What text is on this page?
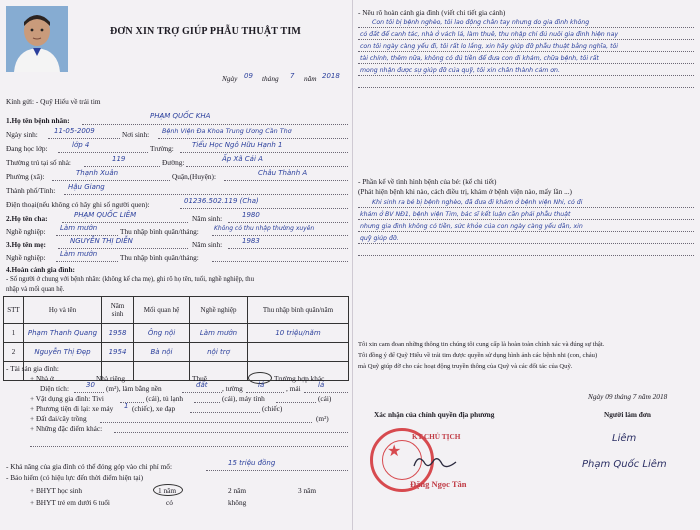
ĐƠN XIN TRỢ GIÚP PHẪU THUẬT TIM
Ngày 09 tháng 7 năm 2018
Kính gửi: - Quỹ Hiếu về trái tim
1.Họ tên bệnh nhân:	PHẠM QUỐC KHA
Ngày sinh: 11-05-2009	Nơi sinh: Bệnh Viện Đa Khoa Trung Ương Cần Thơ
Đang học lớp:	lớp 4	Trường:	Tiểu Học Ngô Hữu Hạnh 1
Thường trú tại số nhà:	119	Đường:	Ấp Xã Cái A
Phường (xã):	Thạnh Xuân	Quận,(Huyện):	Châu Thành A
Thành phố/Tỉnh: Hậu Giang
Điện thoại(nếu không có hãy ghi số người quen):	01236.502.119 (Cha)
2.Họ tên cha:	PHẠM QUỐC LIÊM	Năm sinh:	1980
Nghề nghiệp: Làm mướn	Thu nhập bình quân/tháng:	Không có thu nhập thường xuyên
3.Họ tên mẹ:	NGUYỄN THỊ DIỄN	Năm sinh:	1983
Nghề nghiệp: Làm mướn	Thu nhập bình quân/tháng:
4.Hoàn cảnh gia đình:
- Số người ở chung với bệnh nhân: (không kể cha mẹ), ghi rõ họ tên, tuổi, nghề nghiệp, thu
nhập và mối quan hệ.
STT	Họ và tên	Năm sinh	Mối quan hệ	Nghề nghiệp	Thu nhập bình quân/năm
1	Phạm Thanh Quang	1958	Ông nội	Làm mướn	10 triệu/năm
2	Nguyễn Thị Đẹp	1954	Bà nội	nội trợ	

- Tài sản gia đình:
+ Nhà ở	Nhà riêng	Thuê	Trường hợp khác
Diện tích: 30 (m²), làm bằng nền	đất , tường lá	, mái lá
+ Vật dụng gia đình: Tivi	(cái), tủ lạnh	(cái), máy tính	(cái)
+ Phương tiện đi lại: xe máy 1 (chiếc), xe đạp	(chiếc)
+ Đất đai/cây trồng	(m²)
+ Những đặc điểm khác:
- Khả năng của gia đình có thể đóng góp vào chi phí mổ:	15 triệu đồng
- Bảo hiểm (có hiệu lực đến thời điểm hiện tại)
+ BHYT học sinh	1 năm	2 năm	3 năm
+ BHYT trẻ em dưới 6 tuổi	có	không
- Nêu rõ hoàn cảnh gia đình (viết chi tiết gia cảnh)
Con tôi bị bệnh nghèo, tôi lao động chân tay nhưng do gia đình không
có đất để canh tác, nhà ở vách lá, làm thuê, thu nhập chỉ đủ nuôi gia đình hiện nay
con tôi ngày càng yếu đi, tôi rất lo lắng, xin hãy giúp đỡ phẫu thuật bằng nghĩa, tôi
tài chính, thêm nữa, không có đủ tiền để đưa con đi khám, chữa bệnh, tôi rất
mong nhận được sự giúp đỡ của quỹ, tôi xin chân thành cảm ơn.
- Phần kể về tình hình bệnh của bé: (kể chi tiết)
(Phát hiện bệnh khi nào, cách điều trị, khám ở bệnh viện nào, mấy lần ...)
Khi sinh ra bé bị bệnh nghèo, đã đưa đi khám ở bệnh viện Nhi, có đi
khám ở BV NĐ1, bệnh viện Tim, bác sĩ kết luận cần phải phẫu thuật
nhưng gia đình không có tiền, sức khỏe của con ngày càng yếu dần, xin
quỹ giúp đỡ.
Tôi xin cam đoan những thông tin chúng tôi cung cấp là hoàn toàn chính xác và đúng sự thật.
Tôi đồng ý để Quỹ Hiếu về trái tim được quyền sử dụng hình ảnh các bệnh nhi (con, cháu)
mà Quỹ giúp đỡ cho các hoạt động truyền thông của Quỹ và các đối tác của Quỹ.
Ngày 09 tháng 7 năm 2018
Xác nhận của chính quyền địa phương	Người làm đơn
★
KT.CHỦ TỊCH
Đặng Ngọc Tân
Liêm
Phạm Quốc Liêm
